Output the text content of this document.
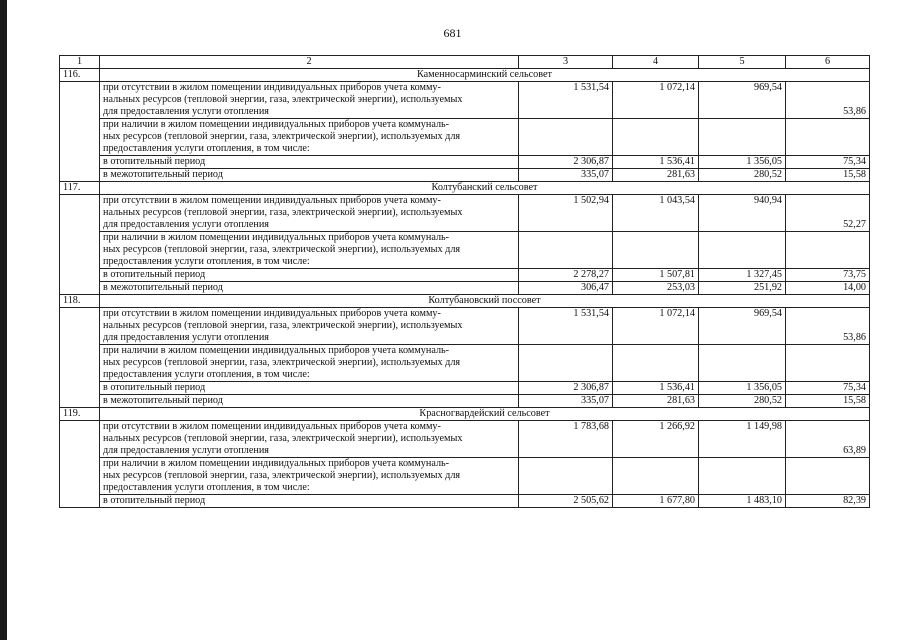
681
1	2	3	4	5	6
116.	Каменносарминский сельсовет				

	при отсутствии в жилом помещении индивидуальных приборов учета комму-
нальных ресурсов (тепловой энергии, газа, электрической энергии), используемых
для предоставления услуги отопления	1 531,54	1 072,14	969,54	53,86

	при наличии в жилом помещении индивидуальных приборов учета коммуналь-
ных ресурсов (тепловой энергии, газа, электрической энергии), используемых для
предоставления услуги отопления, в том числе:				

	в отопительный период	2 306,87	1 536,41	1 356,05	75,34
	в межотопительный период	335,07	281,63	280,52	15,58
117.	Колтубанский сельсовет				

	при отсутствии в жилом помещении индивидуальных приборов учета комму-
нальных ресурсов (тепловой энергии, газа, электрической энергии), используемых
для предоставления услуги отопления	1 502,94	1 043,54	940,94	52,27

	при наличии в жилом помещении индивидуальных приборов учета коммуналь-
ных ресурсов (тепловой энергии, газа, электрической энергии), используемых для
предоставления услуги отопления, в том числе:				

	в отопительный период	2 278,27	1 507,81	1 327,45	73,75
	в межотопительный период	306,47	253,03	251,92	14,00
118.	Колтубановский поссовет				

	при отсутствии в жилом помещении индивидуальных приборов учета комму-
нальных ресурсов (тепловой энергии, газа, электрической энергии), используемых
для предоставления услуги отопления	1 531,54	1 072,14	969,54	53,86

	при наличии в жилом помещении индивидуальных приборов учета коммуналь-
ных ресурсов (тепловой энергии, газа, электрической энергии), используемых для
предоставления услуги отопления, в том числе:				

	в отопительный период	2 306,87	1 536,41	1 356,05	75,34
	в межотопительный период	335,07	281,63	280,52	15,58
119.	Красногвардейский сельсовет				

	при отсутствии в жилом помещении индивидуальных приборов учета комму-
нальных ресурсов (тепловой энергии, газа, электрической энергии), используемых
для предоставления услуги отопления	1 783,68	1 266,92	1 149,98	63,89

	при наличии в жилом помещении индивидуальных приборов учета коммуналь-
ных ресурсов (тепловой энергии, газа, электрической энергии), используемых для
предоставления услуги отопления, в том числе:				

	в отопительный период	2 505,62	1 677,80	1 483,10	82,39
